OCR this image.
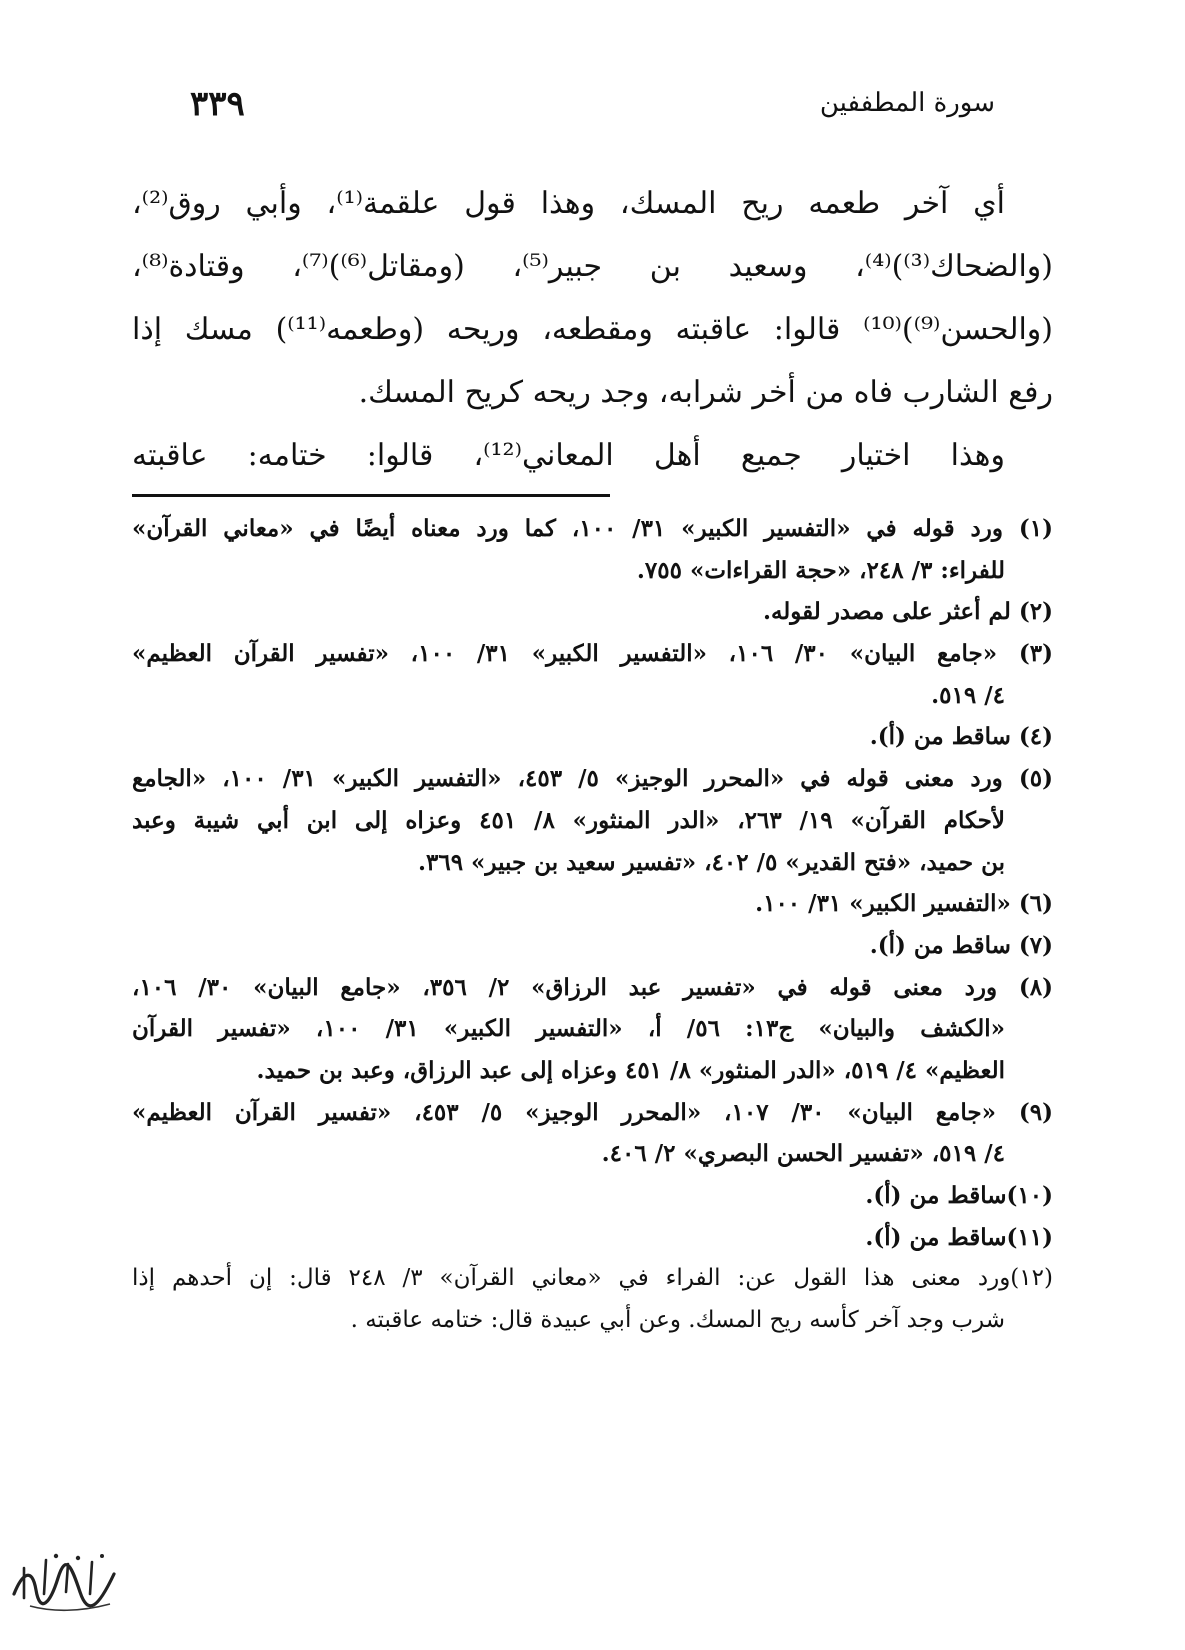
سورة المطففين
٣٣٩
أي آخر طعمه ريح المسك، وهذا قول علقمة⁽¹⁾، وأبي روق⁽²⁾،
(والضحاك⁽³⁾)⁽⁴⁾، وسعيد بن جبير⁽⁵⁾، (ومقاتل⁽⁶⁾)⁽⁷⁾، وقتادة⁽⁸⁾،
(والحسن⁽⁹⁾)⁽¹⁰⁾ قالوا: عاقبته ومقطعه، وريحه (وطعمه⁽¹¹⁾) مسك إذا
رفع الشارب فاه من أخر شرابه، وجد ريحه كريح المسك.
وهذا اختيار جميع أهل المعاني⁽¹²⁾، قالوا: ختامه: عاقبته
(١) ورد قوله في «التفسير الكبير» ٣١/ ١٠٠، كما ورد معناه أيضًا في «معاني القرآن»
للفراء: ٣/ ٢٤٨، «حجة القراءات» ٧٥٥.
(٢) لم أعثر على مصدر لقوله.
(٣) «جامع البيان» ٣٠/ ١٠٦، «التفسير الكبير» ٣١/ ١٠٠، «تفسير القرآن العظيم»
٤/ ٥١٩.
(٤) ساقط من (أ).
(٥) ورد معنى قوله في «المحرر الوجيز» ٥/ ٤٥٣، «التفسير الكبير» ٣١/ ١٠٠، «الجامع
لأحكام القرآن» ١٩/ ٢٦٣، «الدر المنثور» ٨/ ٤٥١ وعزاه إلى ابن أبي شيبة وعبد
بن حميد، «فتح القدير» ٥/ ٤٠٢، «تفسير سعيد بن جبير» ٣٦٩.
(٦) «التفسير الكبير» ٣١/ ١٠٠.
(٧) ساقط من (أ).
(٨) ورد معنى قوله في «تفسير عبد الرزاق» ٢/ ٣٥٦، «جامع البيان» ٣٠/ ١٠٦،
«الكشف والبيان» ج١٣: ٥٦/ أ، «التفسير الكبير» ٣١/ ١٠٠، «تفسير القرآن
العظيم» ٤/ ٥١٩، «الدر المنثور» ٨/ ٤٥١ وعزاه إلى عبد الرزاق، وعبد بن حميد.
(٩) «جامع البيان» ٣٠/ ١٠٧، «المحرر الوجيز» ٥/ ٤٥٣، «تفسير القرآن العظيم»
٤/ ٥١٩، «تفسير الحسن البصري» ٢/ ٤٠٦.
(١٠)ساقط من (أ).
(١١)ساقط من (أ).
(١٢)ورد معنى هذا القول عن: الفراء في «معاني القرآن» ٣/ ٢٤٨ قال: إن أحدهم إذا
شرب وجد آخر كأسه ريح المسك. وعن أبي عبيدة قال: ختامه عاقبته .
